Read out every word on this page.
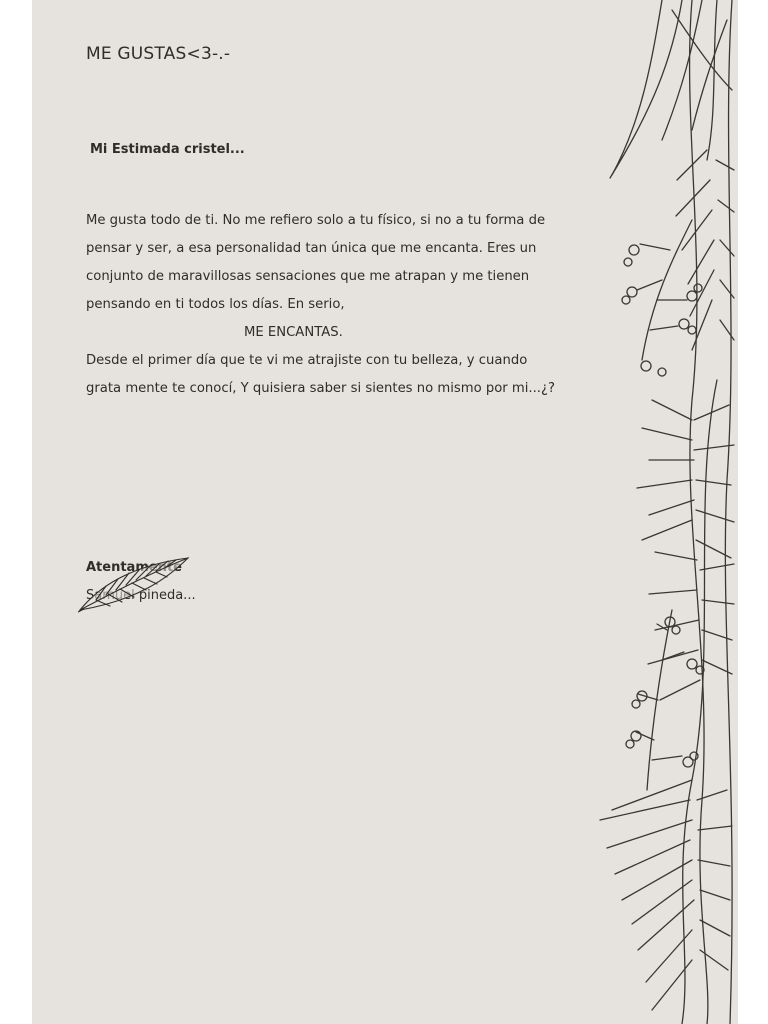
ME GUSTAS<3-.-
Mi Estimada cristel...
Me gusta todo de ti. No me refiero solo a tu físico, si no a tu forma de
pensar y ser, a esa personalidad tan única que me encanta. Eres un
conjunto de maravillosas sensaciones que me atrapan y me tienen
pensando en ti todos los días. En serio,
ME ENCANTAS.
Desde el primer día que te vi me atrajiste con tu belleza, y cuando
grata mente te conocí, Y quisiera saber si sientes no mismo por mi...¿?
Atentamente
Samuel pineda...
